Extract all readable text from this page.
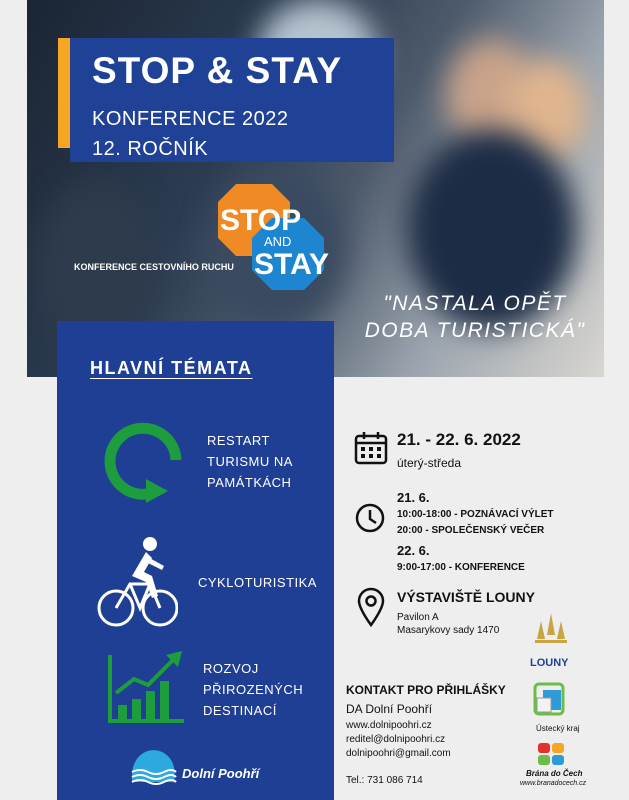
STOP & STAY
KONFERENCE 2022
12. ROČNÍK
STOP
AND
STAY
KONFERENCE CESTOVNÍHO RUCHU
"NASTALA OPĚT
DOBA TURISTICKÁ"
HLAVNÍ TÉMATA
RESTART
TURISMU NA
PAMÁTKÁCH
CYKLOTURISTIKA
ROZVOJ
PŘIROZENÝCH
DESTINACÍ
Dolní Poohří
21. - 22. 6. 2022
úterý-středa
21. 6.
10:00-18:00 - POZNÁVACÍ VÝLET
20:00 - SPOLEČENSKÝ VEČER
22. 6.
9:00-17:00 - KONFERENCE
VÝSTAVIŠTĚ LOUNY
Pavilon A
Masarykovy sady 1470
LOUNY
KONTAKT PRO PŘIHLÁŠKY
DA Dolní Poohří
www.dolnipoohri.cz
reditel@dolnipoohri.cz
dolnipoohri@gmail.com
Tel.: 731 086 714
Ústecký kraj
Brána do Čech
www.branadocech.cz
